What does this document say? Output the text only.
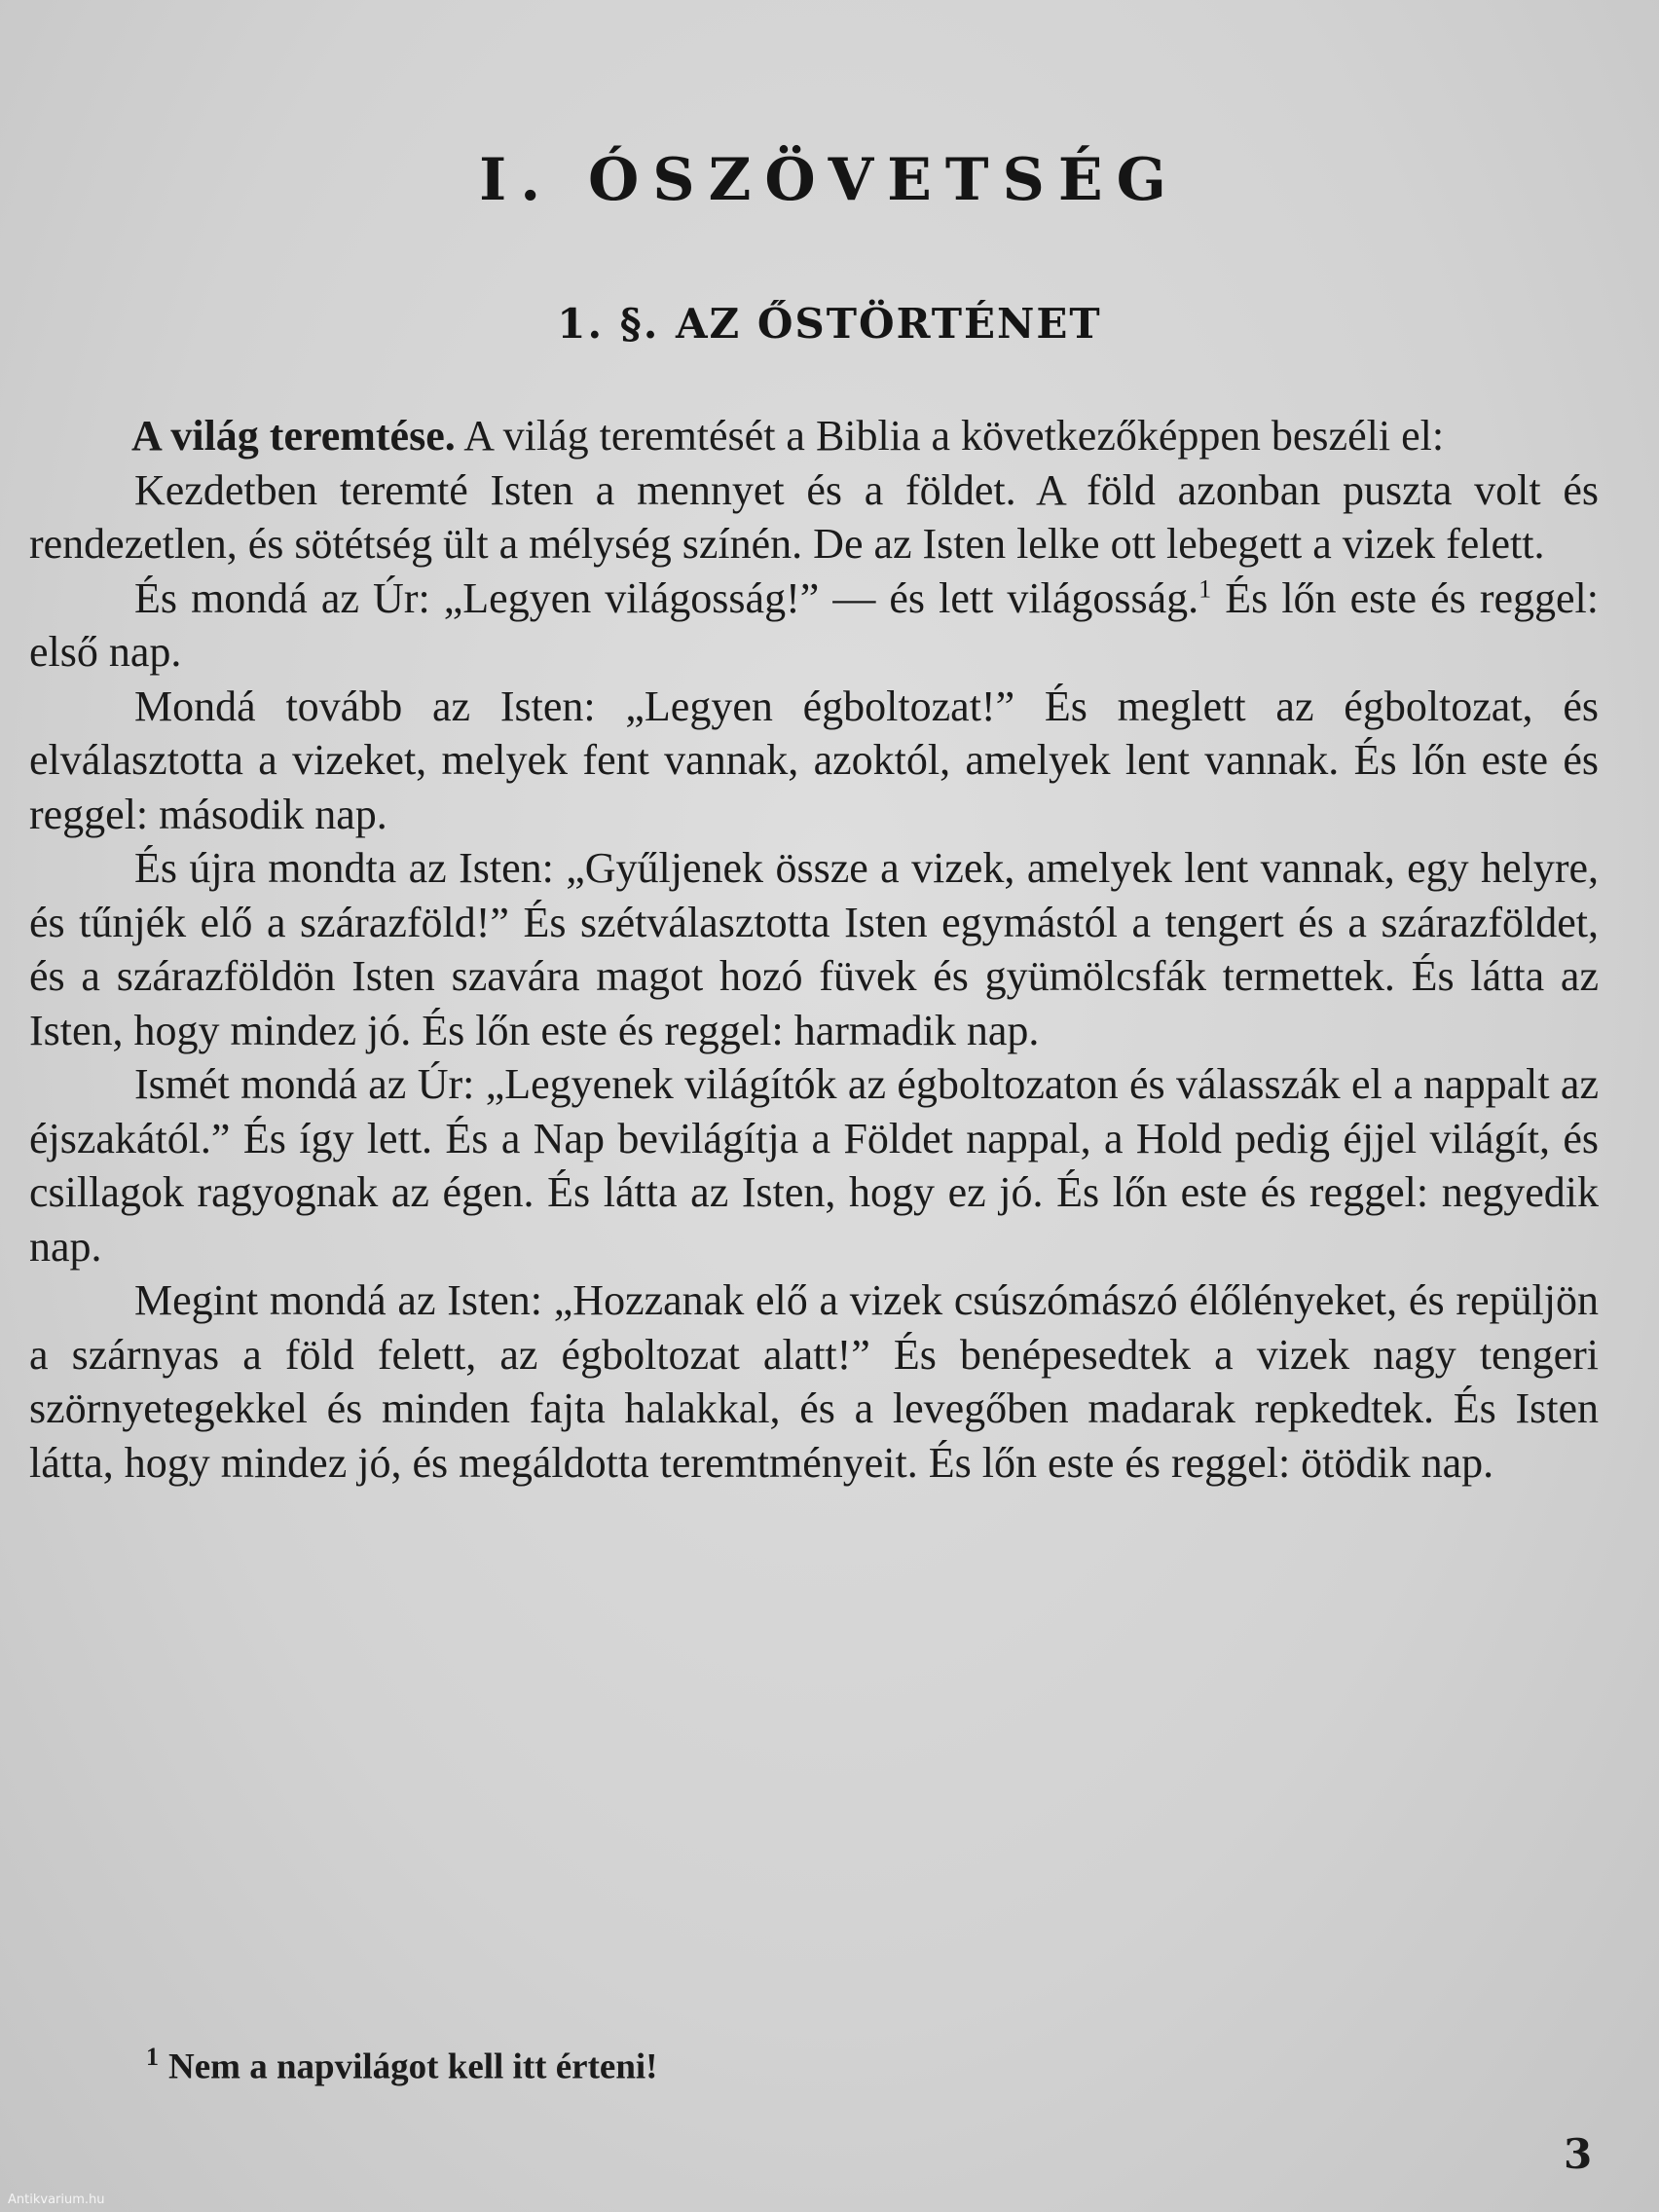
I. ÓSZÖVETSÉG
1. §. AZ ŐSTÖRTÉNET

A világ teremtése. A világ teremtését a Biblia a következőképpen beszéli el:

Kezdetben teremté Isten a mennyet és a földet. A föld azonban puszta volt és rendezetlen, és sötétség ült a mélység színén. De az Isten lelke ott lebegett a vizek felett.

És mondá az Úr: „Legyen világosság!” — és lett világosság.$^1$ És lőn este és reggel: első nap.

Mondá tovább az Isten: „Legyen égboltozat!” És meglett az égboltozat, és elválasztotta a vizeket, melyek fent vannak, azoktól, amelyek lent vannak. És lőn este és reggel: második nap.

És újra mondta az Isten: „Gyűljenek össze a vizek, amelyek lent vannak, egy helyre, és tűnjék elő a szárazföld!” És szétválasztotta Isten egymástól a tengert és a szárazföldet, és a szárazföldön Isten szavára magot hozó füvek és gyümölcsfák termettek. És látta az Isten, hogy mindez jó. És lőn este és reggel: harmadik nap.

Ismét mondá az Úr: „Legyenek világítók az égboltozaton és válasszák el a nappalt az éjszakától.” És így lett. És a Nap bevilágítja a Földet nappal, a Hold pedig éjjel világít, és csillagok ragyognak az égen. És látta az Isten, hogy ez jó. És lőn este és reggel: negyedik nap.

Megint mondá az Isten: „Hozzanak elő a vizek csúszómászó élőlényeket, és repüljön a szárnyas a föld felett, az égboltozat alatt!” És benépesedtek a vizek nagy tengeri szörnyetegekkel és minden fajta halakkal, és a levegőben madarak repkedtek. És Isten látta, hogy mindez jó, és megáldotta teremtményeit. És lőn este és reggel: ötödik nap.

$^1$ Nem a napvilágot kell itt érteni!

3

Antikvarium.hu
